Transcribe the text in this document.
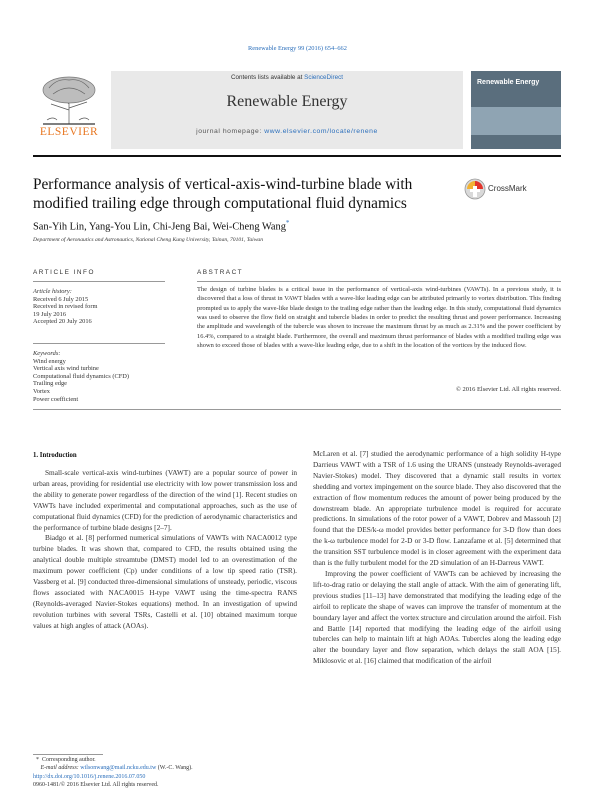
Renewable Energy 99 (2016) 654–662
ELSEVIER
Contents lists available at ScienceDirect
Renewable Energy
journal homepage: www.elsevier.com/locate/renene
Renewable Energy
Performance analysis of vertical-axis-wind-turbine blade with
modified trailing edge through computational fluid dynamics
CrossMark
San-Yih Lin, Yang-You Lin, Chi-Jeng Bai, Wei-Cheng Wang*
Department of Aeronautics and Astronautics, National Cheng Kung University, Tainan, 70101, Taiwan
ARTICLE INFO
Article history:
Received 6 July 2015
Received in revised form
19 July 2016
Accepted 20 July 2016
Keywords:
Wind energy
Vertical axis wind turbine
Computational fluid dynamics (CFD)
Trailing edge
Vortex
Power coefficient
ABSTRACT
The design of turbine blades is a critical issue in the performance of vertical-axis wind-turbines (VAWTs). In a previous study, it is discovered that a loss of thrust in VAWT blades with a wave-like leading edge can be attributed primarily to vortex distribution. This finding prompted us to apply the wave-like blade design to the trailing edge rather than the leading edge. In this study, computational fluid dynamics was used to observe the flow field on straight and tubercle blades in order to predict the resulting thrust and power performance. Increasing the amplitude and wavelength of the tubercle was shown to increase the maximum thrust by as much as 2.31% and the power coefficient by 16.4%, compared to a straight blade. Furthermore, the overall and maximum thrust performance of blades with a modified trailing edge was shown to exceed those of blades with a wave-like leading edge, due to a shift in the location of the vortices by the induced flow.
© 2016 Elsevier Ltd. All rights reserved.
1. Introduction

Small-scale vertical-axis wind-turbines (VAWT) are a popular source of power in urban areas, providing for residential use electricity with low power transmission loss and the ability to generate power regardless of the direction of the wind [1]. Recent studies on VAWTs have included experimental and computational approaches, such as the use of computational fluid dynamics (CFD) for the prediction of aerodynamic characteristics and the performance of turbine blade designs [2–7].

Biadgo et al. [8] performed numerical simulations of VAWTs with NACA0012 type turbine blades. It was shown that, compared to CFD, the results obtained using the analytical double multiple streamtube (DMST) model led to an overestimation of the maximum power coefficient (Cp) under conditions of a low tip speed ratio (TSR). Vassberg et al. [9] conducted three-dimensional simulations of unsteady, periodic, viscous flows associated with NACA0015 H-type VAWT using the time-spectra RANS (Reynolds-averaged Navier-Stokes equations) method. In an investigation of upwind revolution turbines with several TSRs, Castelli et al. [10] obtained maximum torque values at high angles of attack (AOAs).

McLaren et al. [7] studied the aerodynamic performance of a high solidity H-type Darrieus VAWT with a TSR of 1.6 using the URANS (unsteady Reynolds-averaged Navier-Stokes) model. They discovered that a dynamic stall results in vortex shedding and vortex impingement on the source blade. They also discovered that the extraction of flow momentum reduces the amount of power being produced by the downstream blade. An appropriate turbulence model is required for accurate predictions. In simulations of the rotor power of a VAWT, Dobrev and Massouh [2] found that the DES/k-ω model provides better performance for 3-D flow than does the k-ω turbulence model for 2-D or 3-D flow. Lanzafame et al. [5] determined that the transition SST turbulence model is in closer agreement with the experiment data than is the fully turbulent model for the 2D simulation of an H-Darreus VAWT.

Improving the power coefficient of VAWTs can be achieved by increasing the lift-to-drag ratio or delaying the stall angle of attack. With the aim of generating lift, previous studies [11–13] have demonstrated that modifying the leading edge of the airfoil to replicate the shape of waves can improve the transfer of momentum at the boundary layer and affect the vortex structure and circulation around the airfoil. Fish and Battle [14] reported that modifying the leading edge of the airfoil using tubercles can help to maintain lift at high AOAs. Tubercles along the leading edge alter the boundary layer and flow separation, which delays the stall AOA [15]. Miklosovic et al. [16] claimed that modification of the airfoil

* Corresponding author.
E-mail address: wilsonwang@mail.ncku.edu.tw (W.-C. Wang).
http://dx.doi.org/10.1016/j.renene.2016.07.050
0960-1481/© 2016 Elsevier Ltd. All rights reserved.
